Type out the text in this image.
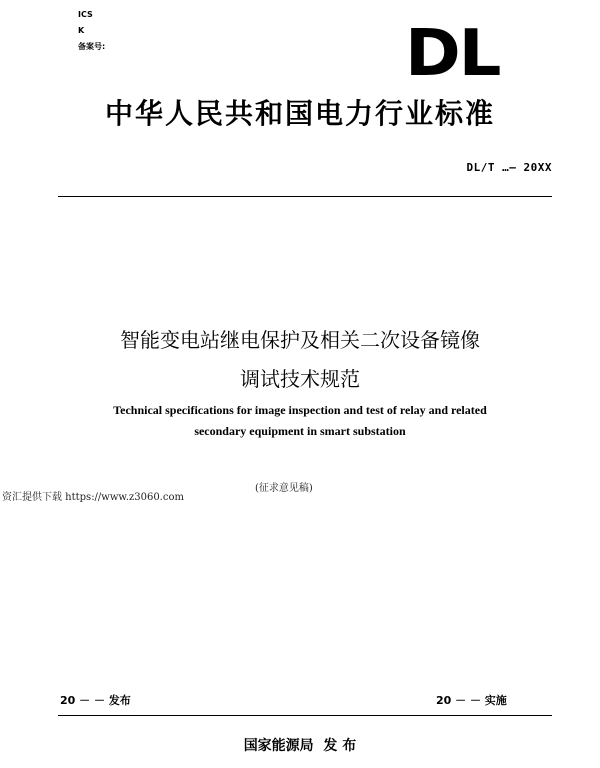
ICS
K
备案号:	DL
中华人民共和国电力行业标准
DL/T …— 20XX
智能变电站继电保护及相关二次设备镜像
调试技术规范
Technical specifications for image inspection and test of relay and related
secondary equipment in smart substation
(征求意见稿)
资汇提供下载 https://www.z3060.com
20 － － 发布	20 － － 实施
国家能源局  发 布
